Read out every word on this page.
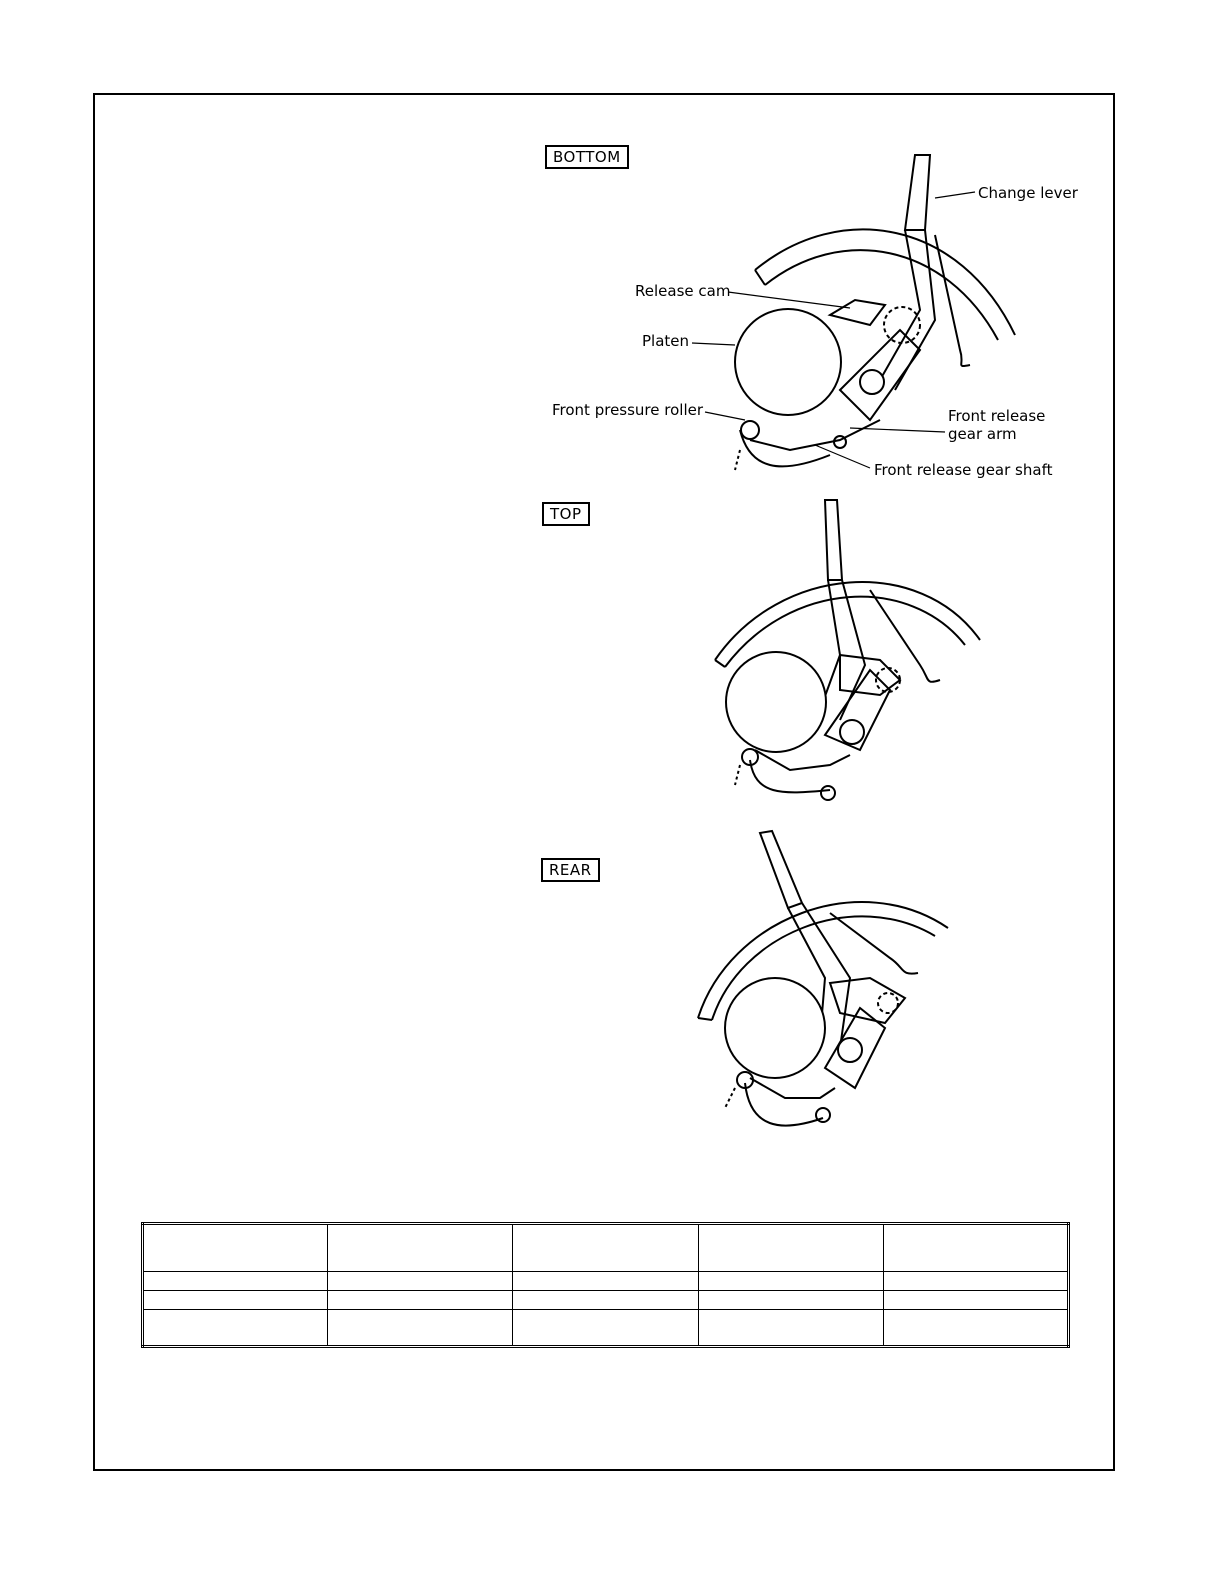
BOTTOM
Change lever
Release cam
Platen
Front pressure roller	Front release
gear arm
Front release gear shaft
TOP
REAR
